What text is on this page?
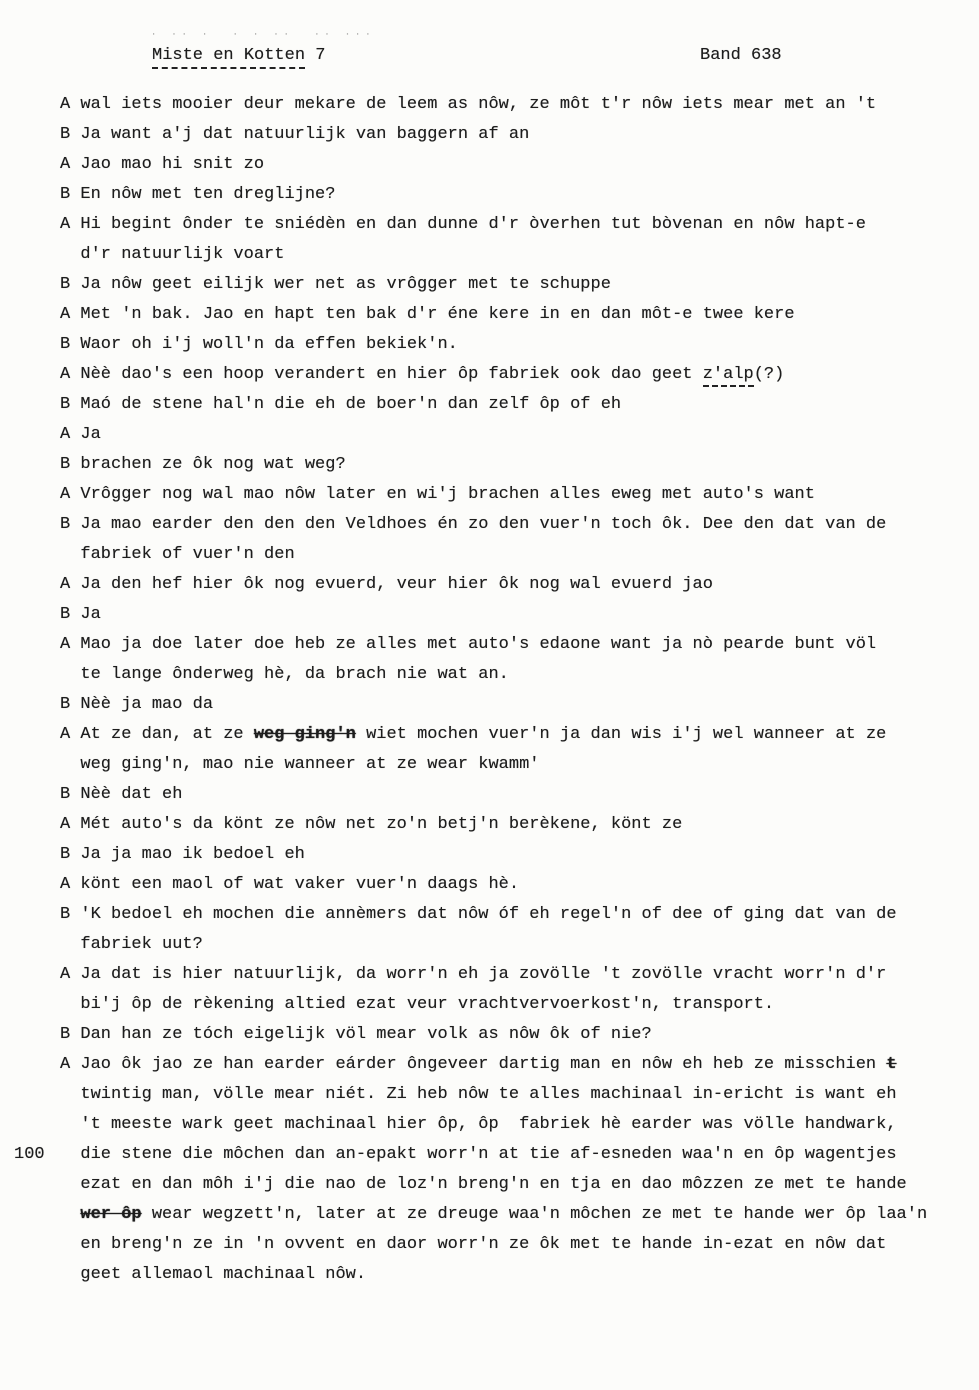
˙ ˙˙ ˙  ˙ ˙ ˙˙  ˙˙ ˙˙˙
Miste en Kotten 7	Band 638
A wal iets mooier deur mekare de leem as nôw, ze môt t'r nôw iets mear met an 't
B Ja want a'j dat natuurlijk van baggern af an
A Jao mao hi snit zo
B En nôw met ten dreglijne?
A Hi begint ônder te sniédèn en dan dunne d'r òverhen tut bòvenan en nôw hapt-e
d'r natuurlijk voart
B Ja nôw geet eilijk wer net as vrôgger met te schuppe
A Met 'n bak. Jao en hapt ten bak d'r éne kere in en dan môt-e twee kere
B Waor oh i'j woll'n da effen bekiek'n.
A Nèè dao's een hoop verandert en hier ôp fabriek ook dao geet z'alp(?)
B Maó de stene hal'n die eh de boer'n dan zelf ôp of eh
A Ja
B brachen ze ôk nog wat weg?
A Vrôgger nog wal mao nôw later en wi'j brachen alles eweg met auto's want
B Ja mao earder den den den Veldhoes én zo den vuer'n toch ôk. Dee den dat van de
fabriek of vuer'n den
A Ja den hef hier ôk nog evuerd, veur hier ôk nog wal evuerd jao
B Ja
A Mao ja doe later doe heb ze alles met auto's edaone want ja nò pearde bunt völ
te lange ônderweg hè, da brach nie wat an.
B Nèè ja mao da
A At ze dan, at ze weg ging'n wiet mochen vuer'n ja dan wis i'j wel wanneer at ze
weg ging'n, mao nie wanneer at ze wear kwamm'
B Nèè dat eh
A Mét auto's da könt ze nôw net zo'n betj'n berèkene, könt ze
B Ja ja mao ik bedoel eh
A könt een maol of wat vaker vuer'n daags hè.
B 'K bedoel eh mochen die annèmers dat nôw óf eh regel'n of dee of ging dat van de
fabriek uut?
A Ja dat is hier natuurlijk, da worr'n eh ja zovölle 't zovölle vracht worr'n d'r
bi'j ôp de rèkening altied ezat veur vrachtvervoerkost'n, transport.
B Dan han ze tóch eigelijk völ mear volk as nôw ôk of nie?
A Jao ôk jao ze han earder eárder ôngeveer dartig man en nôw eh heb ze misschien t
twintig man, völle mear niét. Zi heb nôw te alles machinaal in-ericht is want eh
't meeste wark geet machinaal hier ôp, ôp  fabriek hè earder was völle handwark,
100 die stene die môchen dan an-epakt worr'n at tie af-esneden waa'n en ôp wagentjes
ezat en dan môh i'j die nao de loz'n breng'n en tja en dao môzzen ze met te hande
wer ôp wear wegzett'n, later at ze dreuge waa'n môchen ze met te hande wer ôp laa'n
en breng'n ze in 'n ovvent en daor worr'n ze ôk met te hande in-ezat en nôw dat
geet allemaol machinaal nôw.
